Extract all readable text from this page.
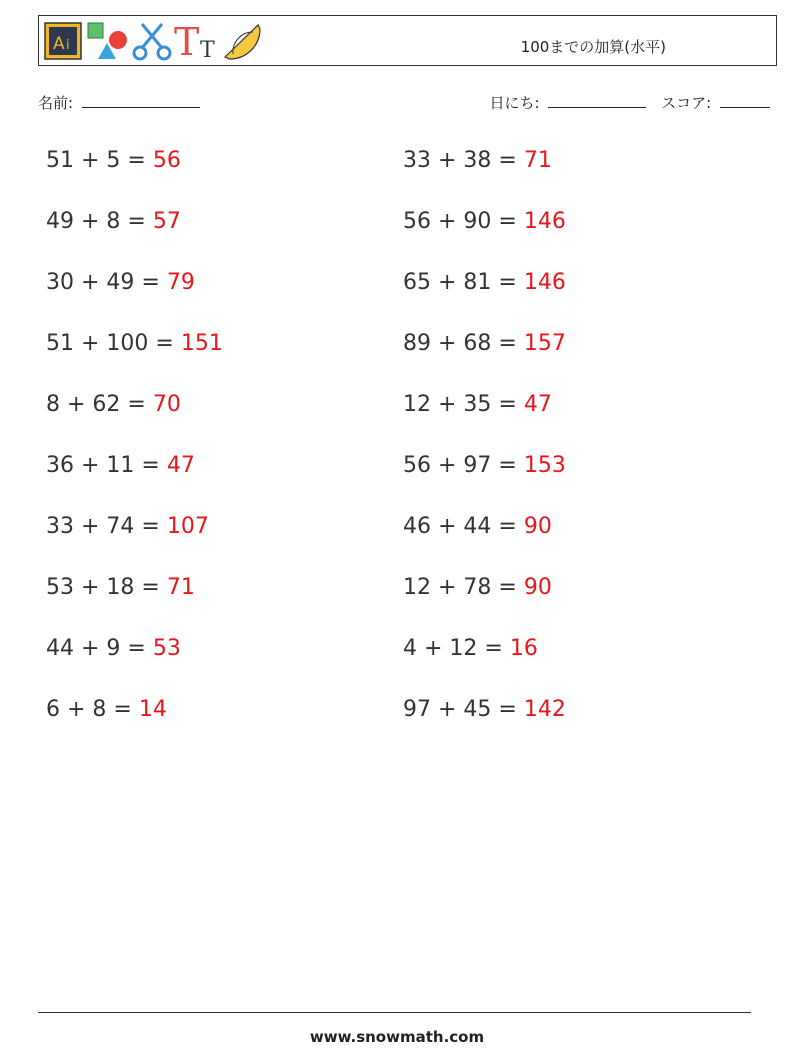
A i	T T	100までの加算(水平)
名前:	日にち:	スコア:
51 + 5 = 56
49 + 8 = 57
30 + 49 = 79
51 + 100 = 151
8 + 62 = 70
36 + 11 = 47
33 + 74 = 107
53 + 18 = 71
44 + 9 = 53
6 + 8 = 14
33 + 38 = 71
56 + 90 = 146
65 + 81 = 146
89 + 68 = 157
12 + 35 = 47
56 + 97 = 153
46 + 44 = 90
12 + 78 = 90
4 + 12 = 16
97 + 45 = 142
www.snowmath.com
